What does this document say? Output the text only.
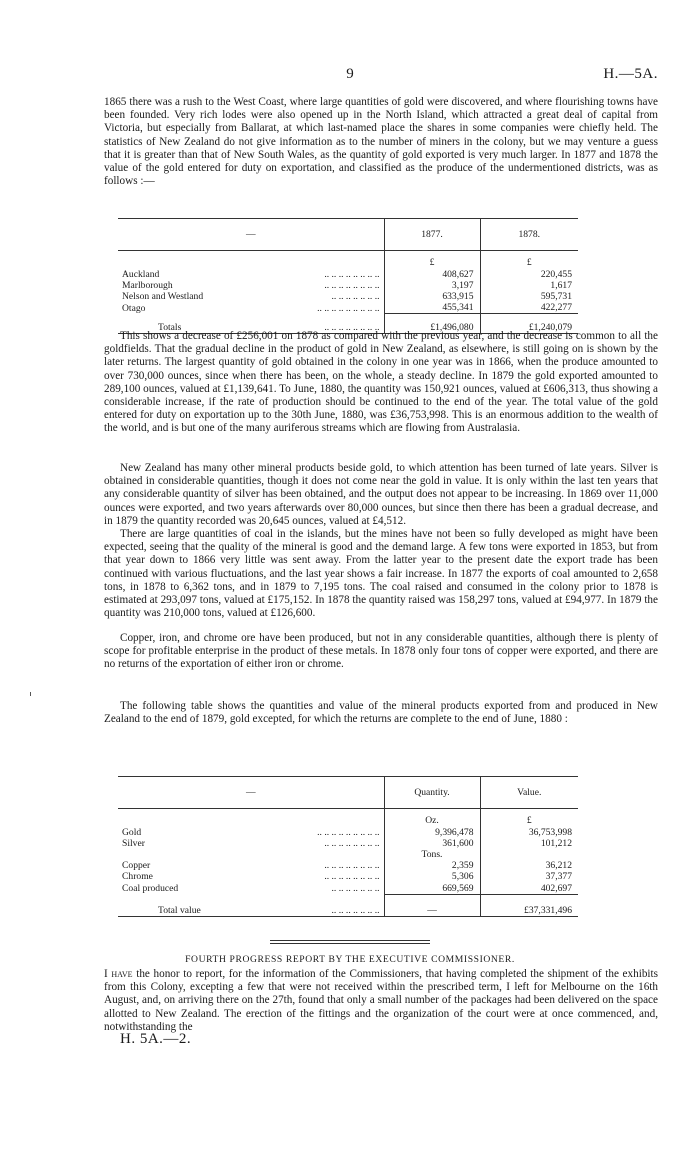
9	H.—5A.

1865 there was a rush to the West Coast, where large quantities of gold were discovered, and where flourishing towns have been founded. Very rich lodes were also opened up in the North Island, which attracted a great deal of capital from Victoria, but especially from Ballarat, at which last-named place the shares in some companies were chiefly held. The statistics of New Zealand do not give information as to the number of miners in the colony, but we may venture a guess that it is greater than that of New South Wales, as the quantity of gold exported is very much larger. In 1877 and 1878 the value of the gold entered for duty on exportation, and classified as the produce of the undermentioned districts, was as follows :—

—	1877.	1878.
	£	£
Auckland .. .. .. .. .. .. .. ..	408,627	220,455
Marlborough .. .. .. .. .. .. .. ..	3,197	1,617
Nelson and Westland .. .. .. .. .. .. ..	633,915	595,731
Otago .. .. .. .. .. .. .. .. ..	455,341	422,277
Totals .. .. .. .. .. .. .. ..	£1,496,080	£1,240,079

This shows a decrease of £256,001 on 1878 as compared with the previous year, and the decrease is common to all the goldfields. That the gradual decline in the product of gold in New Zealand, as elsewhere, is still going on is shown by the later returns. The largest quantity of gold obtained in the colony in one year was in 1866, when the produce amounted to over 730,000 ounces, since when there has been, on the whole, a steady decline. In 1879 the gold exported amounted to 289,100 ounces, valued at £1,139,641. To June, 1880, the quantity was 150,921 ounces, valued at £606,313, thus showing a considerable increase, if the rate of production should be continued to the end of the year. The total value of the gold entered for duty on exportation up to the 30th June, 1880, was £36,753,998. This is an enormous addition to the wealth of the world, and is but one of the many auriferous streams which are flowing from Australasia.

New Zealand has many other mineral products beside gold, to which attention has been turned of late years. Silver is obtained in considerable quantities, though it does not come near the gold in value. It is only within the last ten years that any considerable quantity of silver has been obtained, and the output does not appear to be increasing. In 1869 over 11,000 ounces were exported, and two years afterwards over 80,000 ounces, but since then there has been a gradual decrease, and in 1879 the quantity recorded was 20,645 ounces, valued at £4,512.

There are large quantities of coal in the islands, but the mines have not been so fully developed as might have been expected, seeing that the quality of the mineral is good and the demand large. A few tons were exported in 1853, but from that year down to 1866 very little was sent away. From the latter year to the present date the export trade has been continued with various fluctuations, and the last year shows a fair increase. In 1877 the exports of coal amounted to 2,658 tons, in 1878 to 6,362 tons, and in 1879 to 7,195 tons. The coal raised and consumed in the colony prior to 1878 is estimated at 293,097 tons, valued at £175,152. In 1878 the quantity raised was 158,297 tons, valued at £94,977. In 1879 the quantity was 210,000 tons, valued at £126,600.

Copper, iron, and chrome ore have been produced, but not in any considerable quantities, although there is plenty of scope for profitable enterprise in the product of these metals. In 1878 only four tons of copper were exported, and there are no returns of the exportation of either iron or chrome.

The following table shows the quantities and value of the mineral products exported from and produced in New Zealand to the end of 1879, gold excepted, for which the returns are complete to the end of June, 1880 :

—	Quantity.	Value.
	Oz.	£
Gold .. .. .. .. .. .. .. .. ..	9,396,478	36,753,998
Silver .. .. .. .. .. .. .. ..	361,600	101,212
	Tons.	
Copper .. .. .. .. .. .. .. ..	2,359	36,212
Chrome .. .. .. .. .. .. .. ..	5,306	37,377
Coal produced .. .. .. .. .. .. ..	669,569	402,697
Total value .. .. .. .. .. .. ..	—	£37,331,496
FOURTH PROGRESS REPORT BY THE EXECUTIVE COMMISSIONER.

I have the honor to report, for the information of the Commissioners, that having completed the shipment of the exhibits from this Colony, excepting a few that were not received within the prescribed term, I left for Melbourne on the 16th August, and, on arriving there on the 27th, found that only a small number of the packages had been delivered on the space allotted to New Zealand. The erection of the fittings and the organization of the court were at once commenced, and, notwithstanding the

H. 5A.—2.
